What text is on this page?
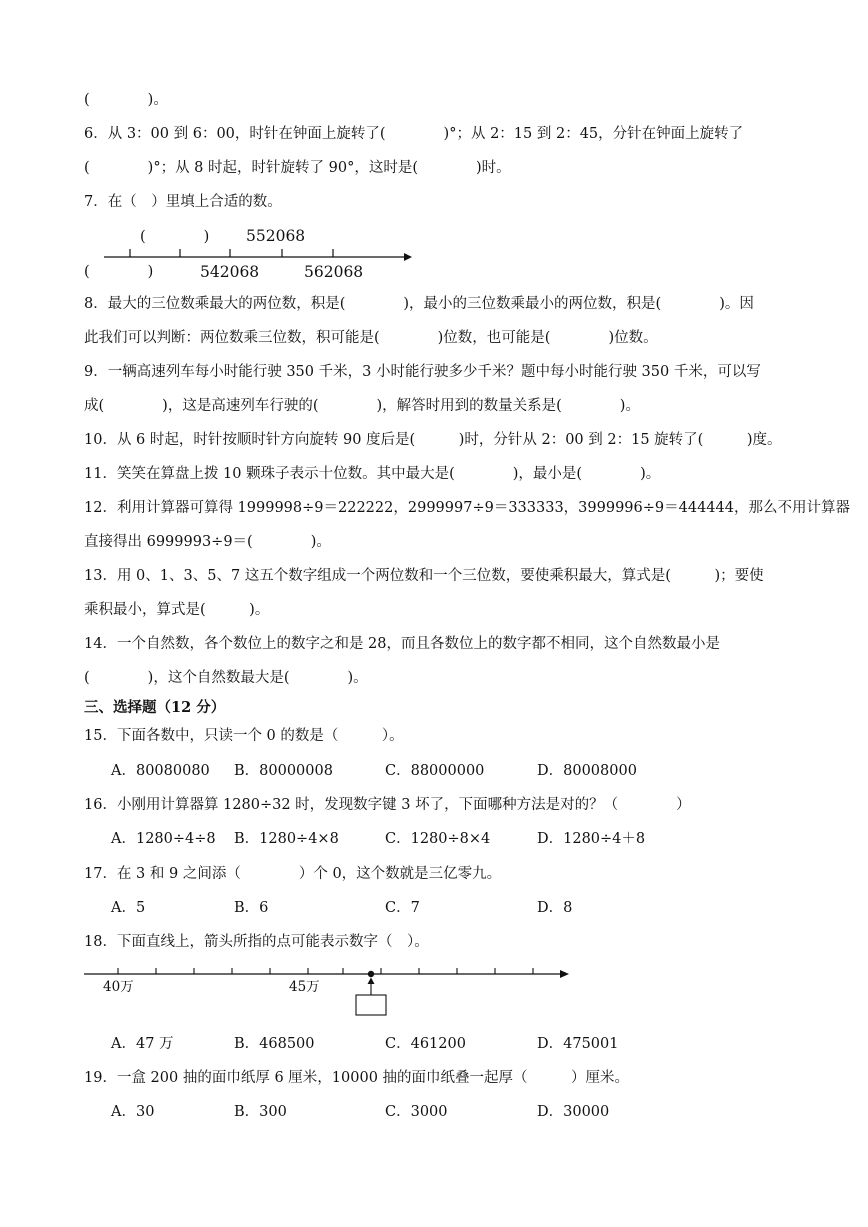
(　　　　)。
6．从 3：00 到 6：00，时针在钟面上旋转了(　　　　)°；从 2：15 到 2：45，分针在钟面上旋转了
(　　　　)°；从 8 时起，时针旋转了 90°，这时是(　　　　)时。
7．在（　）里填上合适的数。
(　　　　) 552068
(　　　　)	542068	562068
8．最大的三位数乘最大的两位数，积是(　　　　)，最小的三位数乘最小的两位数，积是(　　　　)。因
此我们可以判断：两位数乘三位数，积可能是(　　　　)位数，也可能是(　　　　)位数。
9．一辆高速列车每小时能行驶 350 千米，3 小时能行驶多少千米？题中每小时能行驶 350 千米，可以写
成(　　　　)，这是高速列车行驶的(　　　　)，解答时用到的数量关系是(　　　　)。
10．从 6 时起，时针按顺时针方向旋转 90 度后是(　　　)时，分针从 2：00 到 2：15 旋转了(　　　)度。
11．笑笑在算盘上拨 10 颗珠子表示十位数。其中最大是(　　　　)，最小是(　　　　)。
12．利用计算器可算得 1999998÷9＝222222，2999997÷9＝333333，3999996÷9＝444444，那么不用计算器
直接得出 6999993÷9＝(　　　　)。
13．用 0、1、3、5、7 这五个数字组成一个两位数和一个三位数，要使乘积最大，算式是(　　　)；要使
乘积最小，算式是(　　　)。
14．一个自然数，各个数位上的数字之和是 28，而且各数位上的数字都不相同，这个自然数最小是
(　　　　)，这个自然数最大是(　　　　)。
三、选择题（12 分）
15．下面各数中，只读一个 0 的数是（　　　）。
A．80080080 B．80000008	C．88000000	D．80008000
16．小刚用计算器算 1280÷32 时，发现数字键 3 坏了，下面哪种方法是对的？（　　　　）
A．1280÷4÷8 B．1280÷4×8	C．1280÷8×4	D．1280÷4＋8
17．在 3 和 9 之间添（　　　　）个 0，这个数就是三亿零九。
A．5	B．6	C．7	D．8
18．下面直线上，箭头所指的点可能表示数字（　）。
40万	45万
A．47 万	B．468500	C．461200	D．475001
19．一盒 200 抽的面巾纸厚 6 厘米，10000 抽的面巾纸叠一起厚（　　　）厘米。
A．30	B．300	C．3000	D．30000
